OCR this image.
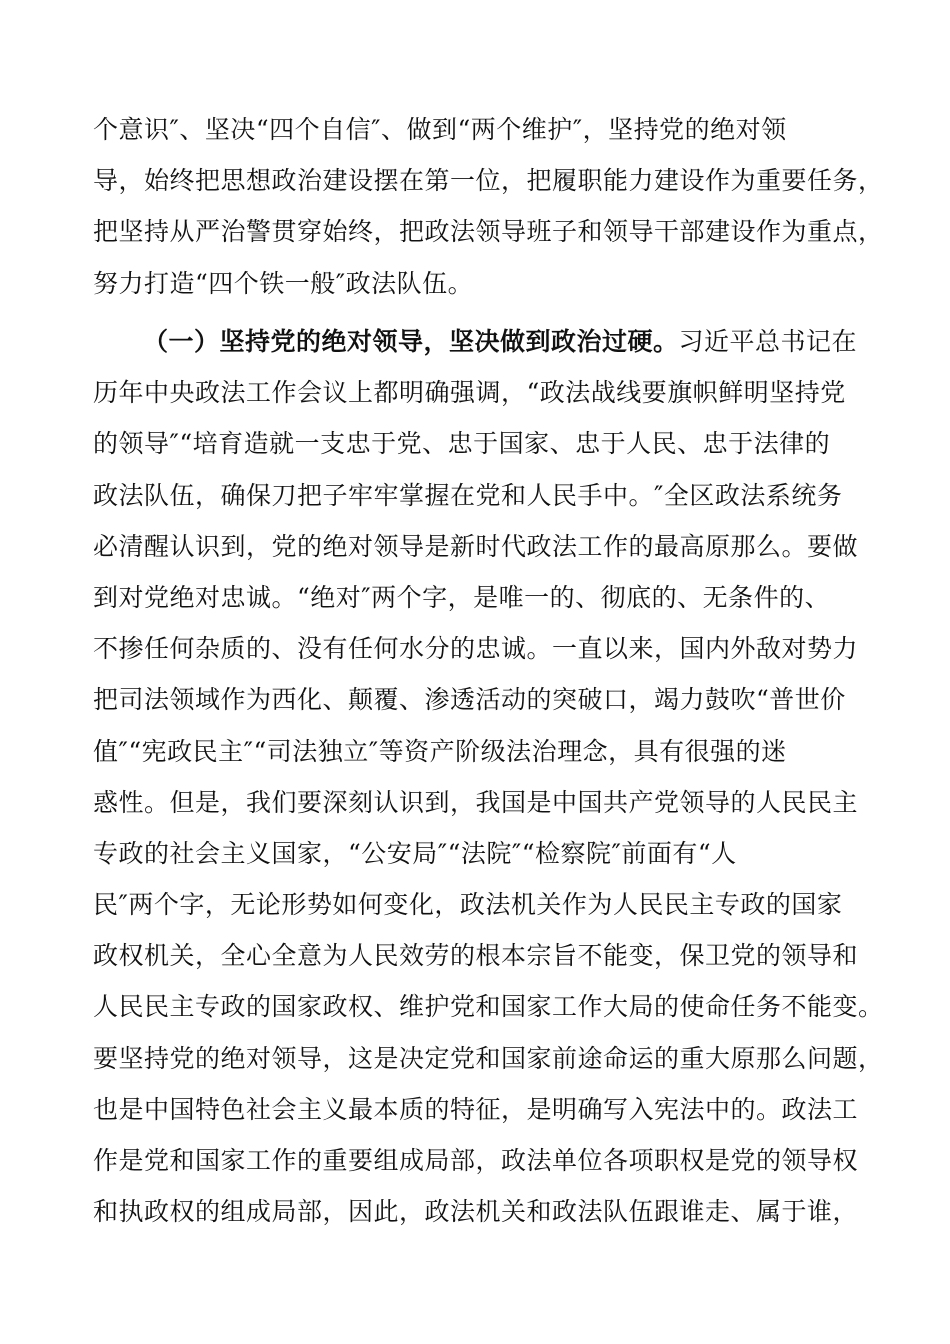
个意识″、坚决“四个自信″、做到“两个维护″，坚持党的绝对领
导，始终把思想政治建设摆在第一位，把履职能力建设作为重要任务，
把坚持从严治警贯穿始终，把政法领导班子和领导干部建设作为重点，
努力打造“四个铁一般″政法队伍。
（一）坚持党的绝对领导，坚决做到政治过硬。习近平总书记在
历年中央政法工作会议上都明确强调，“政法战线要旗帜鲜明坚持党
的领导″“培育造就一支忠于党、忠于国家、忠于人民、忠于法律的
政法队伍，确保刀把子牢牢掌握在党和人民手中。″全区政法系统务
必清醒认识到，党的绝对领导是新时代政法工作的最高原那么。要做
到对党绝对忠诚。“绝对″两个字，是唯一的、彻底的、无条件的、
不掺任何杂质的、没有任何水分的忠诚。一直以来，国内外敌对势力
把司法领域作为西化、颠覆、渗透活动的突破口，竭力鼓吹“普世价
值″“宪政民主″“司法独立″等资产阶级法治理念，具有很强的迷
惑性。但是，我们要深刻认识到，我国是中国共产党领导的人民民主
专政的社会主义国家，“公安局″“法院″“检察院″前面有“人
民″两个字，无论形势如何变化，政法机关作为人民民主专政的国家
政权机关，全心全意为人民效劳的根本宗旨不能变，保卫党的领导和
人民民主专政的国家政权、维护党和国家工作大局的使命任务不能变。
要坚持党的绝对领导，这是决定党和国家前途命运的重大原那么问题，
也是中国特色社会主义最本质的特征，是明确写入宪法中的。政法工
作是党和国家工作的重要组成局部，政法单位各项职权是党的领导权
和执政权的组成局部，因此，政法机关和政法队伍跟谁走、属于谁，
